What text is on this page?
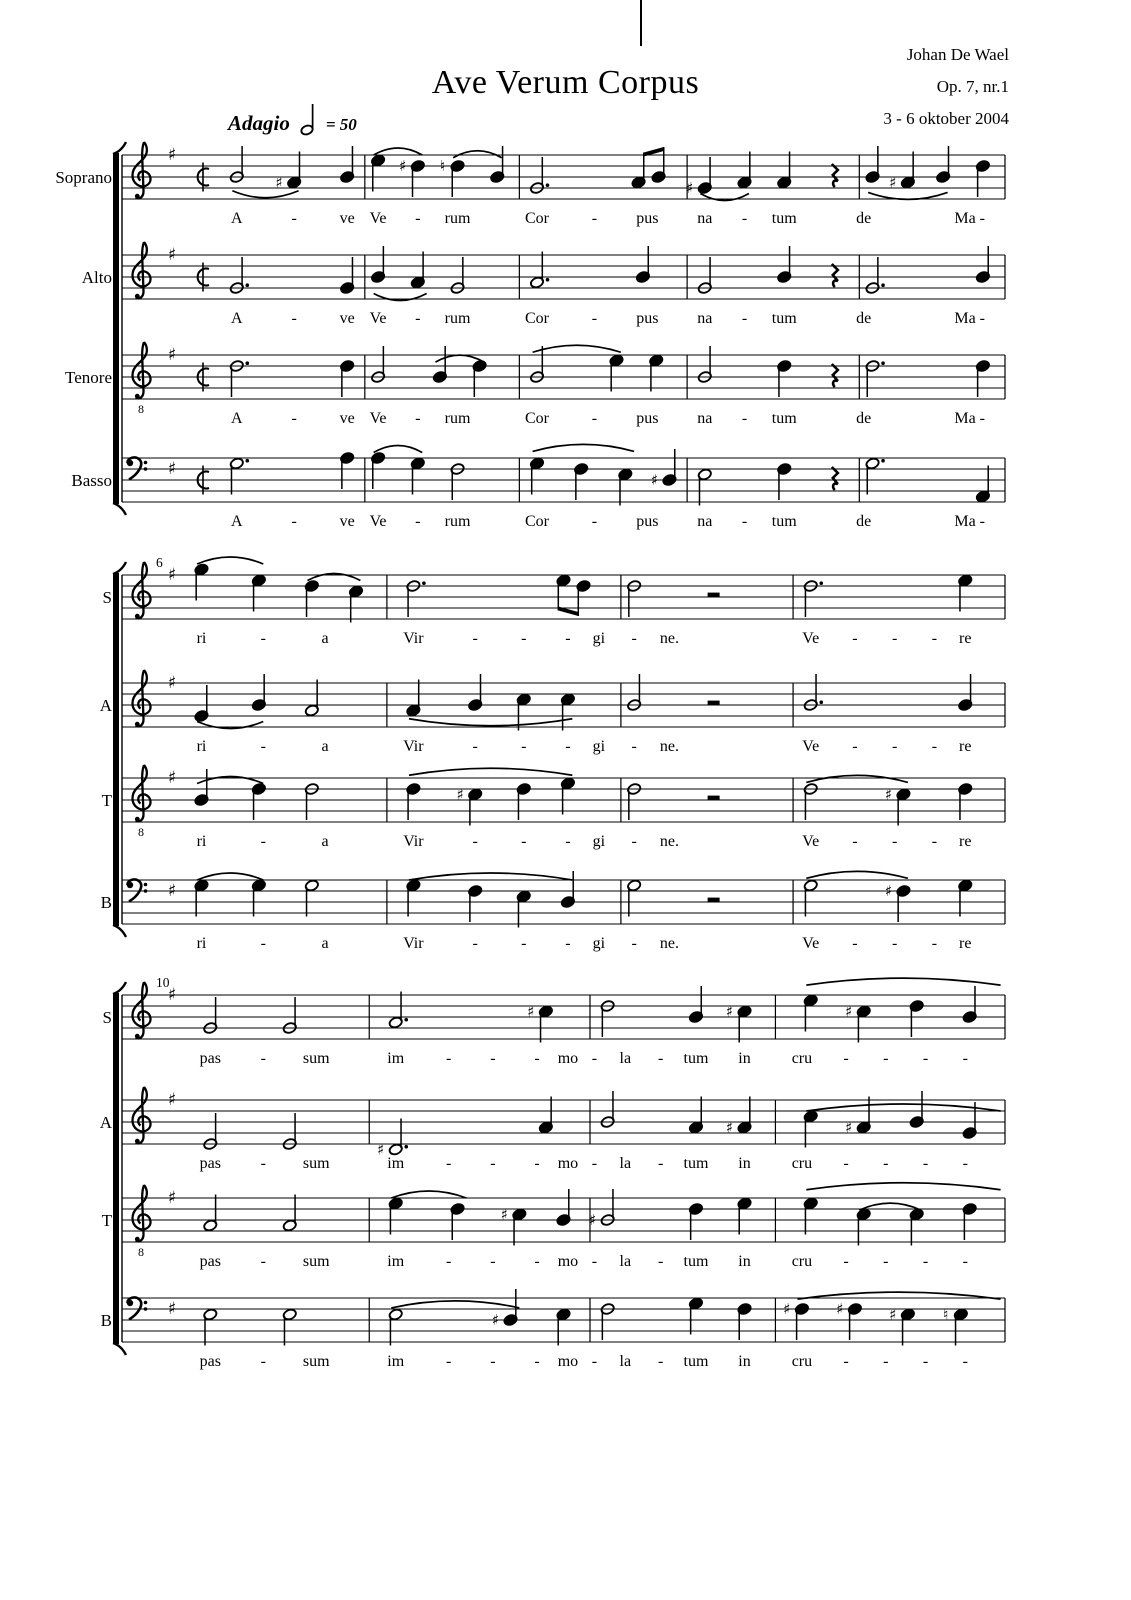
Ave Verum Corpus
Johan De Wael
Op. 7, nr.1
3 - 6 oktober 2004
Adagio = 50
♯
♯
♯ ♮
♯	♯
Soprano
A	-	ve Ve - rum	Cor	- pus na - tum	de	Ma -
♯
Alto
A	-	ve Ve - rum	Cor	- pus na - tum	de	Ma -
8
♯
Tenore
A	-	ve Ve - rum	Cor	- pus na - tum	de	Ma -
♯
♯
Basso
A	-	ve Ve - rum	Cor	- pus na - tum	de	Ma -
6
♯
S
ri	-	a	Vir	-	- - gi - ne.	Ve - - - re
♯
A
ri	-	a	Vir	-	- - gi - ne.	Ve - - - re
8
♯
♯	♯
T
ri	-	a	Vir	-	- - gi - ne.	Ve - - - re
♯	♯
B
ri	-	a	Vir	-	- - gi - ne.	Ve - - - re
10
♯
♯	♯	♯
S
pas - sum	im	- - - mo - la - tum in	cru - - - -
♯
♯
♯	♯
A
pas - sum	im	- - - mo - la - tum in	cru - - - -
8
♯
♯	♯
T
pas - sum	im	- - - mo - la - tum in	cru - - - -
♯
♯
♯	♯	♯	♮
B
pas - sum	im	- - - mo - la - tum in	cru - - - -
